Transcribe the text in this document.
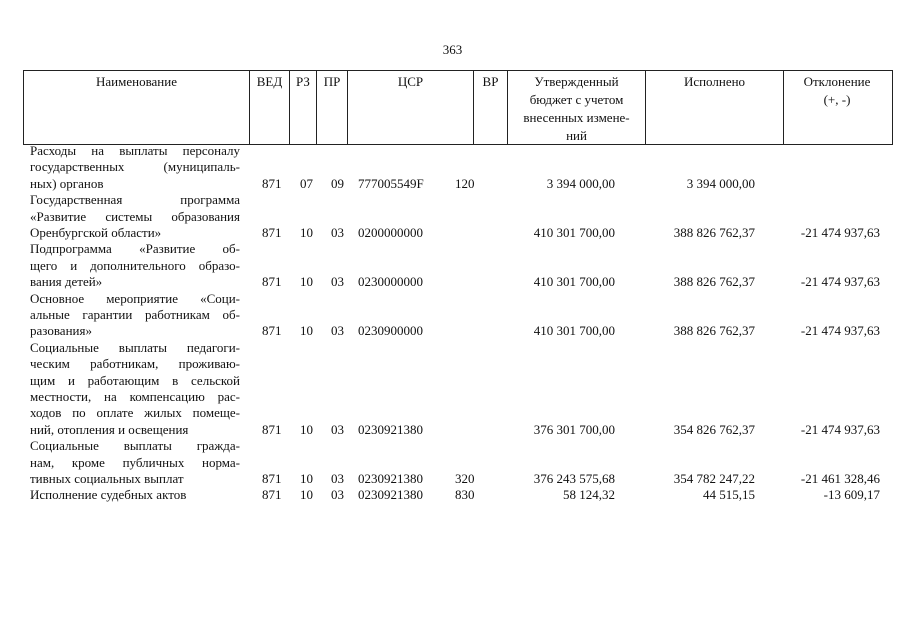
363
Наименование	ВЕД	РЗ	ПР	ЦСР	ВР	Утвержденный
бюджет с учетом
внесенных измене-
ний
Исполнено	Отклонение
(+, -)
Расходы на выплаты персоналу
государственных (муниципаль-
ных) органов	871 07 09 777005549F 120	3 394 000,00	3 394 000,00
Государственная программа
«Развитие системы образования
Оренбургской области»	871 10 03 0200000000	410 301 700,00	388 826 762,37	-21 474 937,63
Подпрограмма «Развитие об-
щего и дополнительного образо-
вания детей»	871 10 03 0230000000	410 301 700,00	388 826 762,37	-21 474 937,63
Основное мероприятие «Соци-
альные гарантии работникам об-
разования»	871 10 03 0230900000	410 301 700,00	388 826 762,37	-21 474 937,63
Социальные выплаты педагоги-
ческим работникам, проживаю-
щим и работающим в сельской
местности, на компенсацию рас-
ходов по оплате жилых помеще-
ний, отопления и освещения	871 10 03 0230921380	376 301 700,00	354 826 762,37	-21 474 937,63
Социальные выплаты гражда-
нам, кроме публичных норма-
тивных социальных выплат	871 10 03 0230921380 320	376 243 575,68	354 782 247,22	-21 461 328,46
Исполнение судебных актов	871 10 03 0230921380 830	58 124,32	44 515,15	-13 609,17
